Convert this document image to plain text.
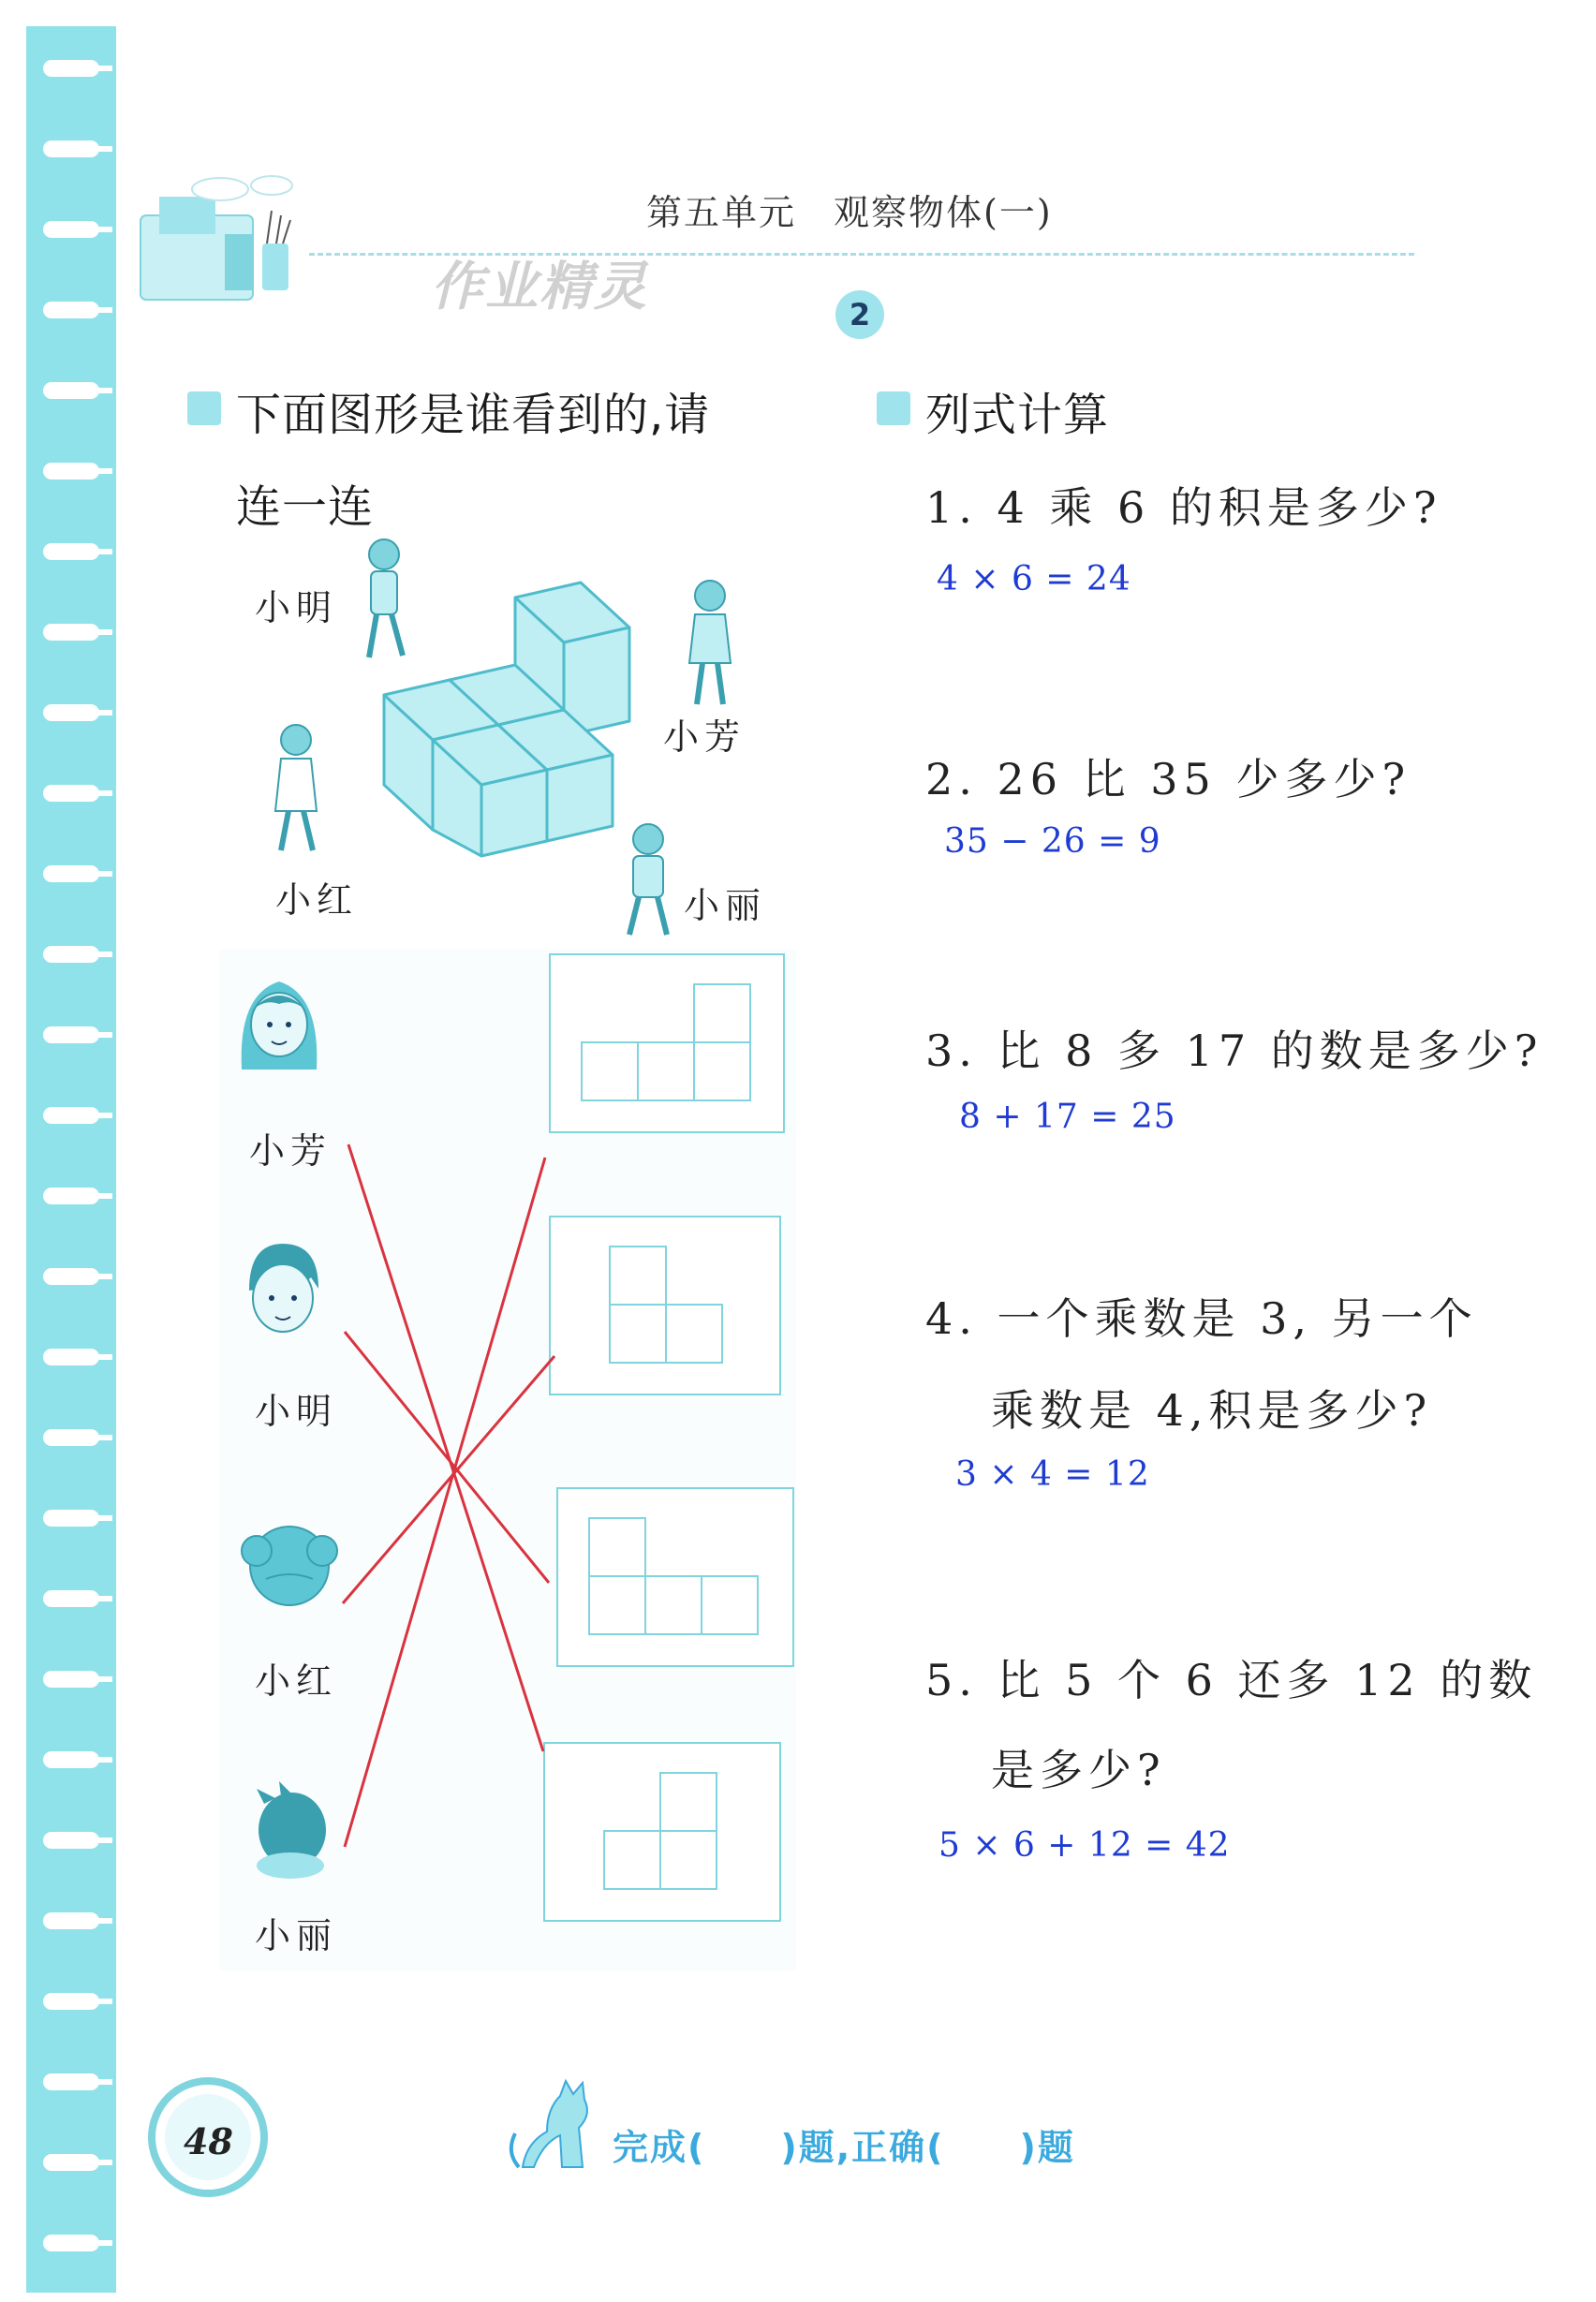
第五单元　观察物体(一)
2
作业精灵
下面图形是谁看到的,请
连一连
小明
小芳
小红	小丽
小芳
小明
小红
小丽
列式计算
1. 4 乘 6 的积是多少?
4 × 6 = 24
2. 26 比 35 少多少?
35 − 26 = 9
3. 比 8 多 17 的数是多少?
8 + 17 = 25
4. 一个乘数是 3, 另一个
乘数是 4,积是多少?
3 × 4 = 12
5. 比 5 个 6 还多 12 的数
是多少?
5 × 6 + 12 = 42
48	完成(　　)题,正确(　　)题
